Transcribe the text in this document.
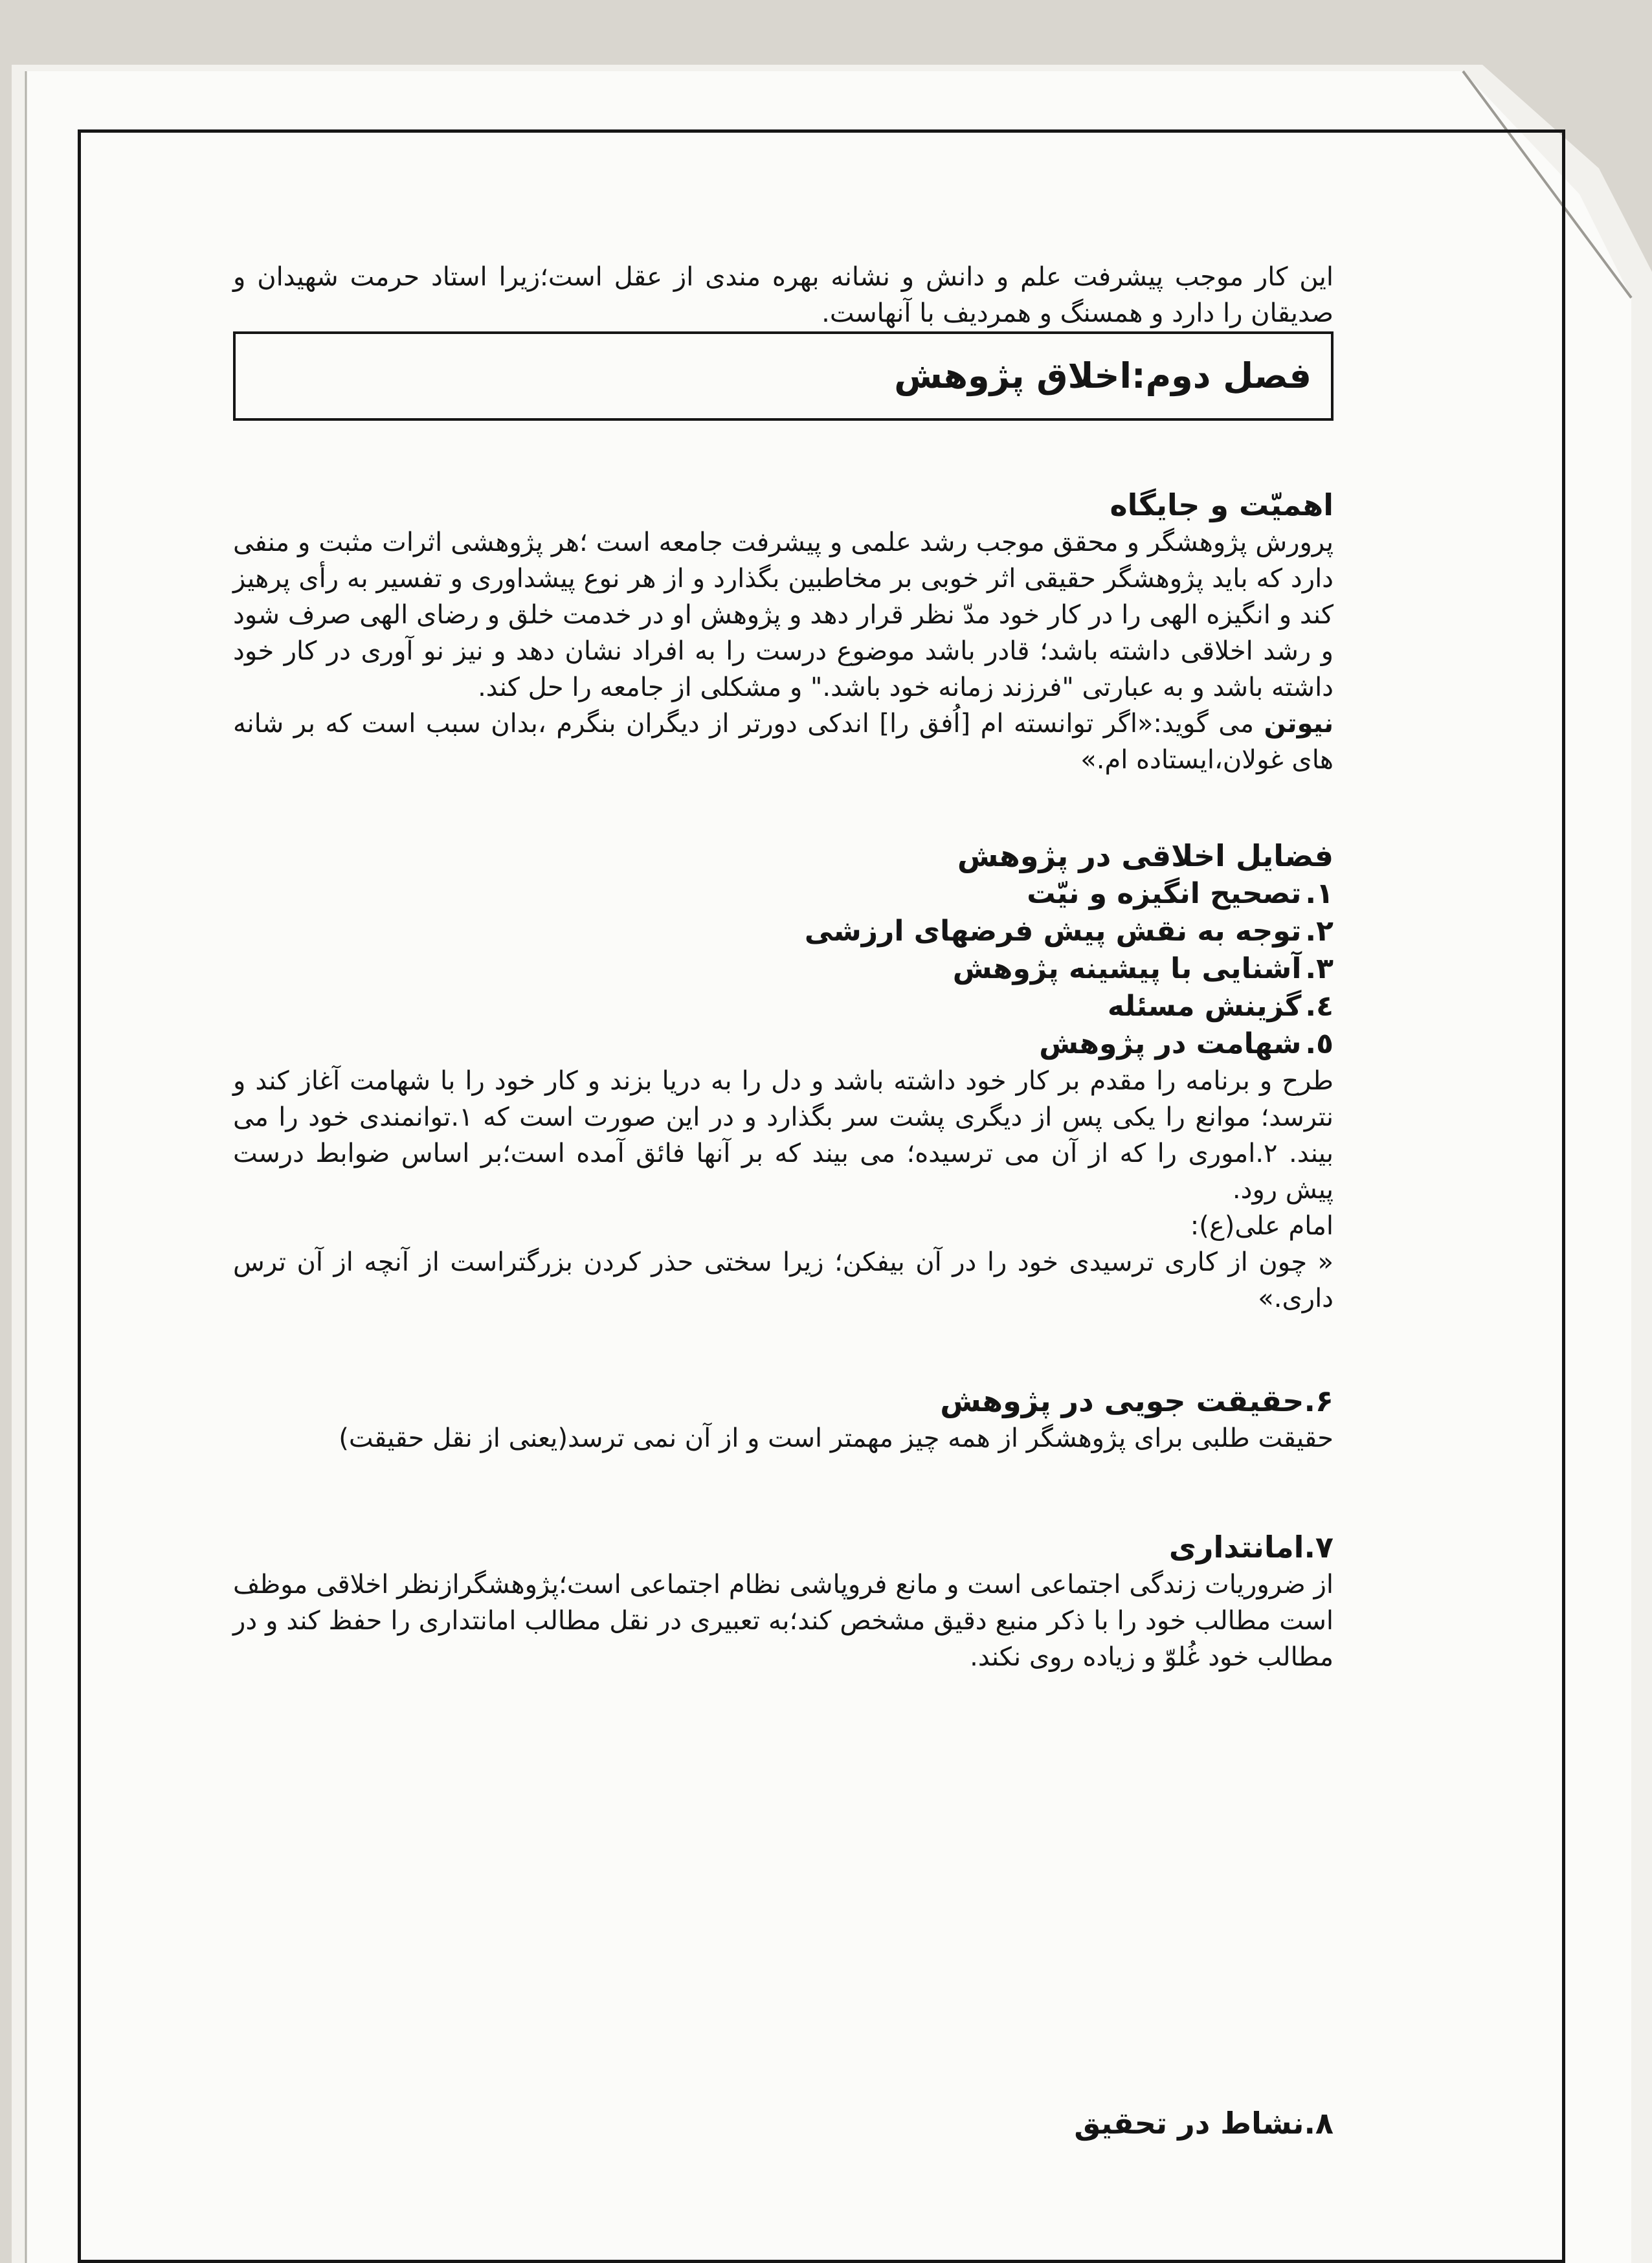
این کار موجب پیشرفت علم و دانش و نشانه بهره مندی از عقل است؛زیرا استاد حرمت شهیدان و صدیقان را دارد و همسنگ و همردیف با آنهاست.

فصل دوم:اخلاق پژوهش
اهمیّت و جایگاه

پرورش پژوهشگر و محقق موجب رشد علمی و پیشرفت جامعه است ؛هر پژوهشی اثرات مثبت و منفی دارد که باید پژوهشگر حقیقی اثر خوبی بر مخاطبین بگذارد و از هر نوع پیشداوری و تفسیر به رأی پرهیز کند و انگیزه الهی را در کار خود مدّ نظر قرار دهد و پژوهش او در خدمت خلق و رضای الهی صرف شود و رشد اخلاقی داشته باشد؛ قادر باشد موضوع درست را به افراد نشان دهد و نیز نو آوری در کار خود داشته باشد و به عبارتی "فرزند زمانه خود باشد." و مشکلی از جامعه را حل کند.

نیوتن می گوید:«اگر توانسته ام [اُفق را] اندکی دورتر از دیگران بنگرم ،بدان سبب است که بر شانه های غولان،ایستاده ام.»

فضایل اخلاقی در پژوهش
۱.تصحیح انگیزه و نیّت
۲.توجه به نقش پیش فرضهای ارزشی
۳.آشنایی با پیشینه پژوهش
٤.گزینش مسئله
٥.شهامت در پژوهش

طرح و برنامه را مقدم بر کار خود داشته باشد و دل را به دریا بزند و کار خود را با شهامت آغاز کند و نترسد؛ موانع را یکی پس از دیگری پشت سر بگذارد و در این صورت است که ۱.توانمندی خود را می بیند. ۲.اموری را که از آن می ترسیده؛ می بیند که بر آنها فائق آمده است؛بر اساس ضوابط درست پیش رود.

امام علی(ع):

« چون از کاری ترسیدی خود را در آن بیفکن؛ زیرا سختی حذر کردن بزرگتراست از آنچه از آن ترس داری.»

۶.حقیقت جویی در پژوهش

حقیقت طلبی برای پژوهشگر از همه چیز مهمتر است و از آن نمی ترسد(یعنی از نقل حقیقت)

۷.امانتداری

از ضروریات زندگی اجتماعی است و مانع فروپاشی نظام اجتماعی است؛پژوهشگرازنظر اخلاقی موظف است مطالب خود را با ذکر منبع دقیق مشخص کند؛به تعبیری در نقل مطالب امانتداری را حفظ کند و در مطالب خود غُلوّ و زیاده روی نکند.

۸.نشاط در تحقیق
